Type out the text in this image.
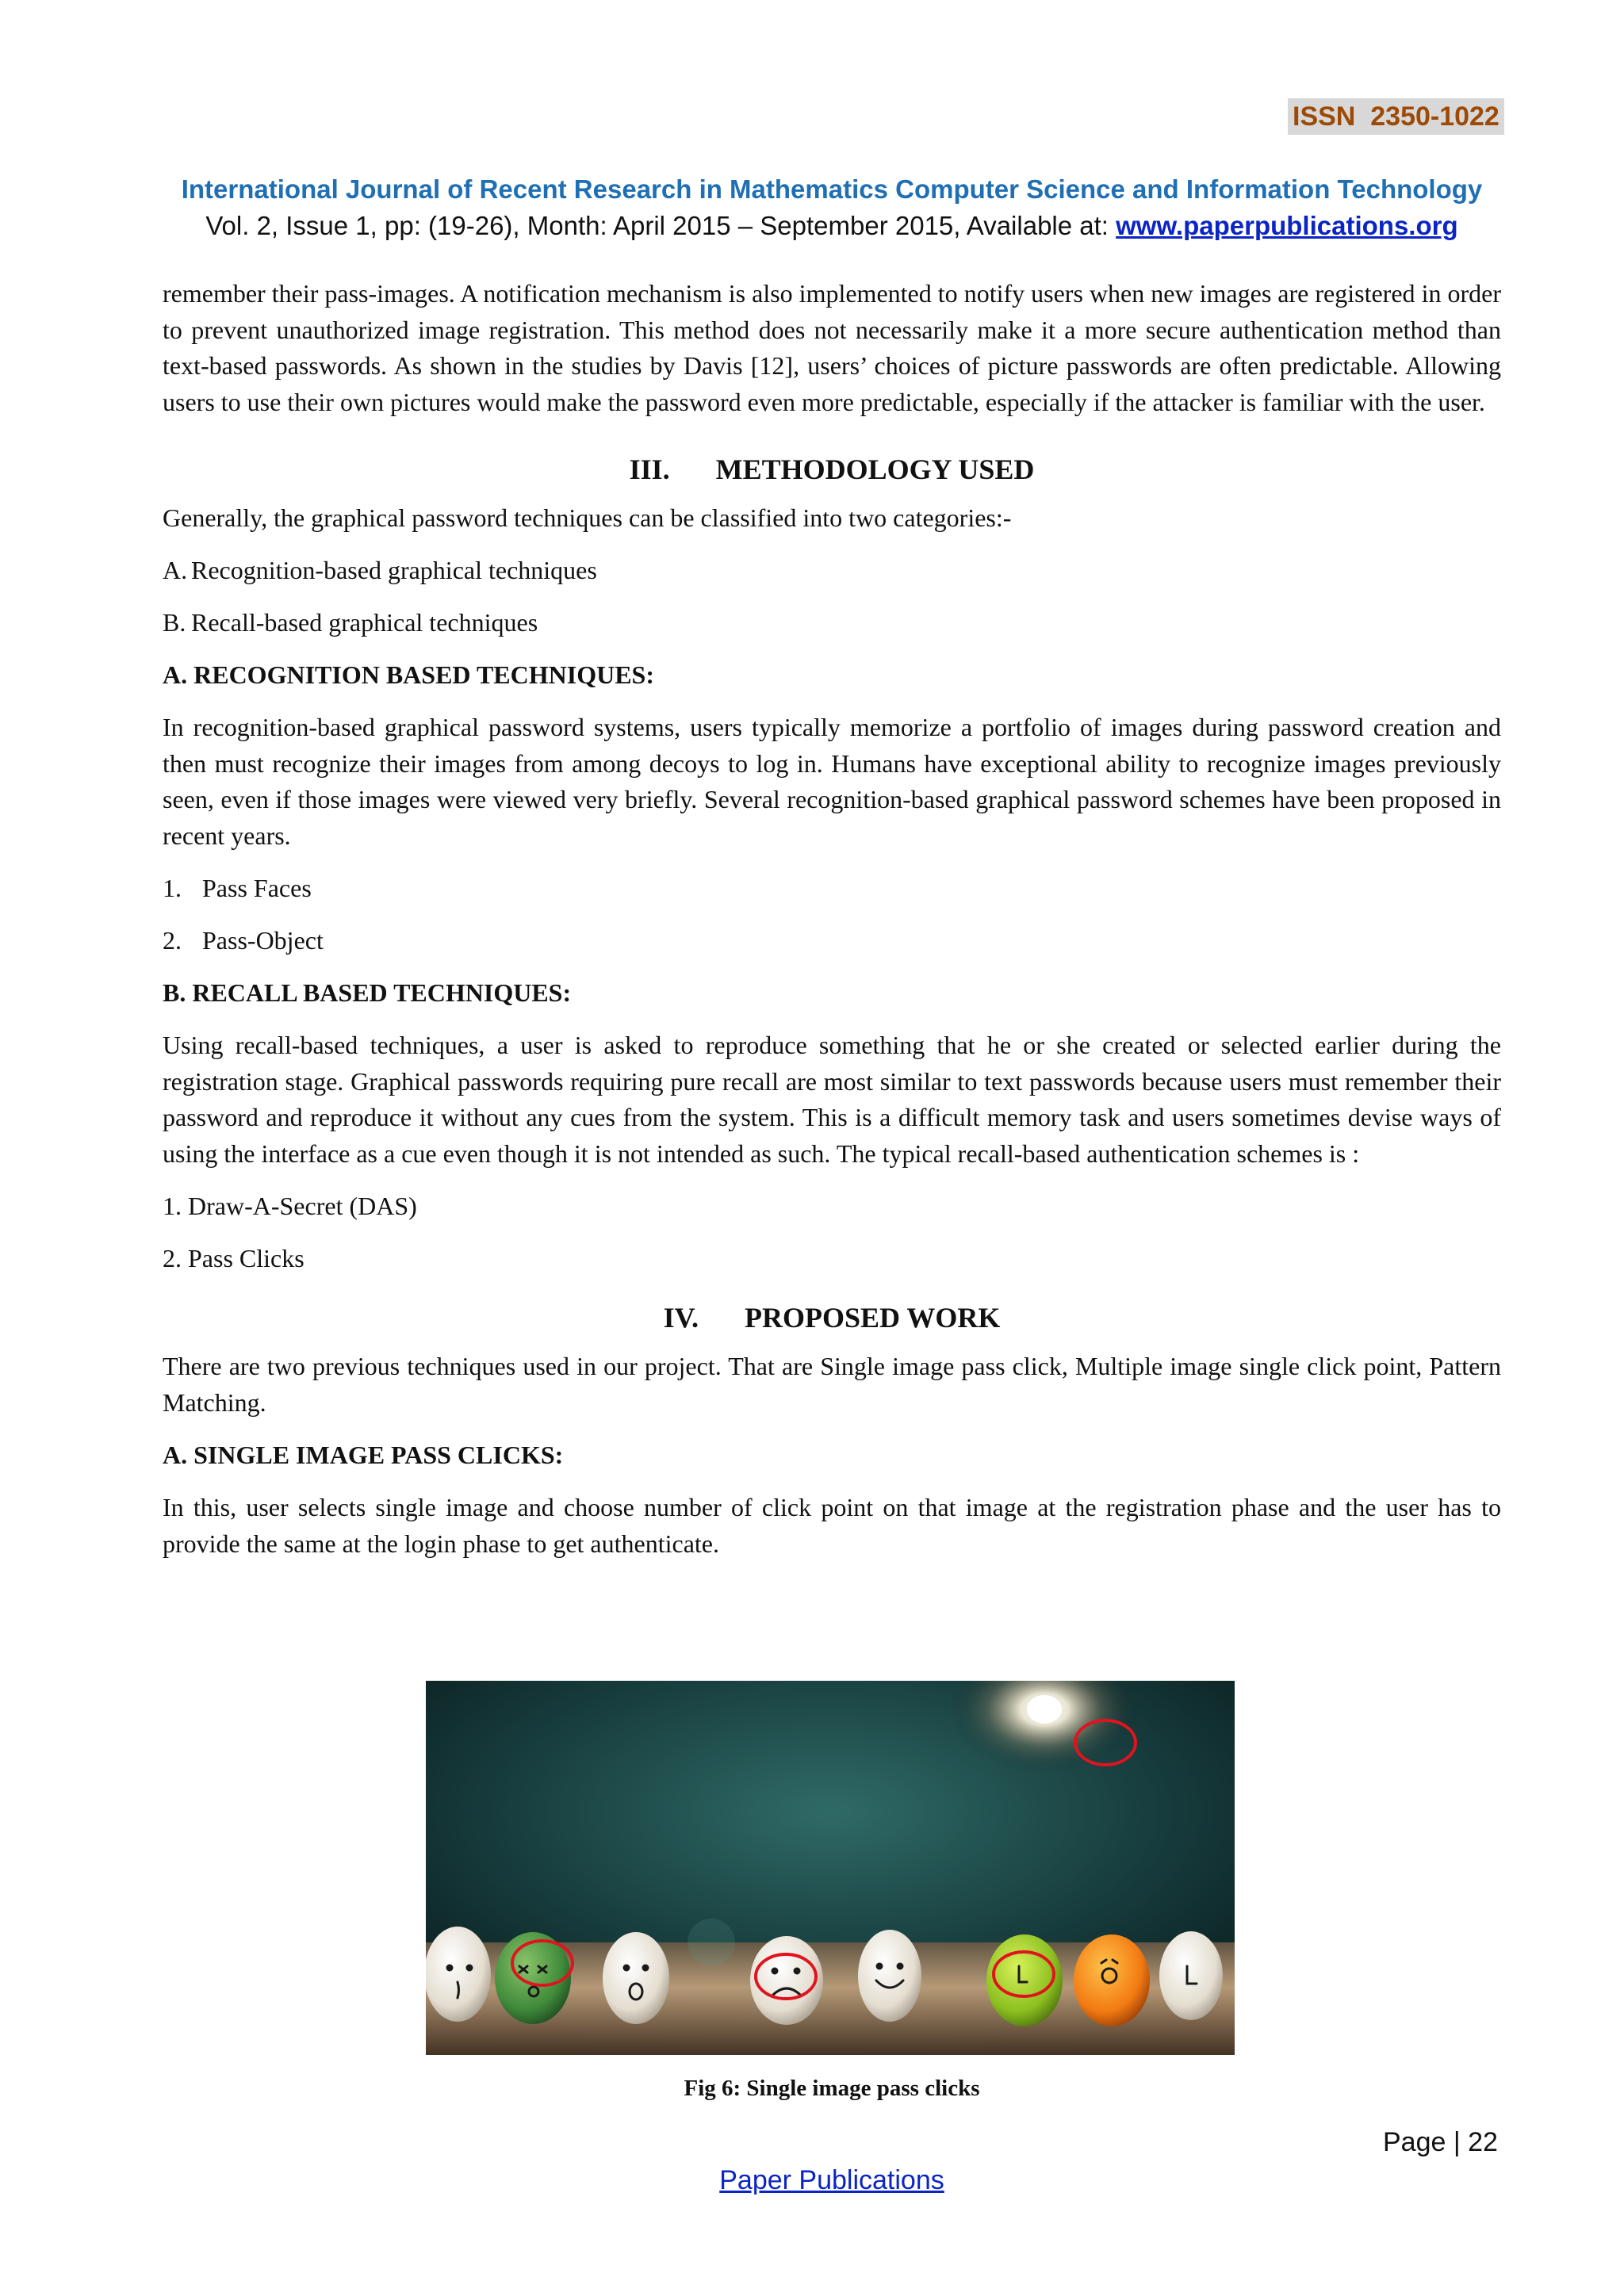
ISSN  2350-1022
International Journal of Recent Research in Mathematics Computer Science and Information Technology
Vol. 2, Issue 1, pp: (19-26), Month: April 2015 – September 2015, Available at: www.paperpublications.org

remember their pass-images. A notification mechanism is also implemented to notify users when new images are registered in order to prevent unauthorized image registration. This method does not necessarily make it a more secure authentication method than text-based passwords. As shown in the studies by Davis [12], users’ choices of picture passwords are often predictable. Allowing users to use their own pictures would make the password even more predictable, especially if the attacker is familiar with the user.

III. METHODOLOGY USED

Generally, the graphical password techniques can be classified into two categories:-

A. Recognition-based graphical techniques
B. Recall-based graphical techniques

A. RECOGNITION BASED TECHNIQUES:

In recognition-based graphical password systems, users typically memorize a portfolio of images during password creation and then must recognize their images from among decoys to log in. Humans have exceptional ability to recognize images previously seen, even if those images were viewed very briefly. Several recognition-based graphical password schemes have been proposed in recent years.

1. Pass Faces
2. Pass-Object

B. RECALL BASED TECHNIQUES:

Using recall-based techniques, a user is asked to reproduce something that he or she created or selected earlier during the registration stage. Graphical passwords requiring pure recall are most similar to text passwords because users must remember their password and reproduce it without any cues from the system. This is a difficult memory task and users sometimes devise ways of using the interface as a cue even though it is not intended as such. The typical recall-based authentication schemes is :

1. Draw-A-Secret (DAS)

2. Pass Clicks

IV. PROPOSED WORK

There are two previous techniques used in our project. That are Single image pass click, Multiple image single click point, Pattern Matching.

A. SINGLE IMAGE PASS CLICKS:

In this, user selects single image and choose number of click point on that image at the registration phase and the user has to provide the same at the login phase to get authenticate.

Fig 6: Single image pass clicks
Page | 22
Paper Publications
